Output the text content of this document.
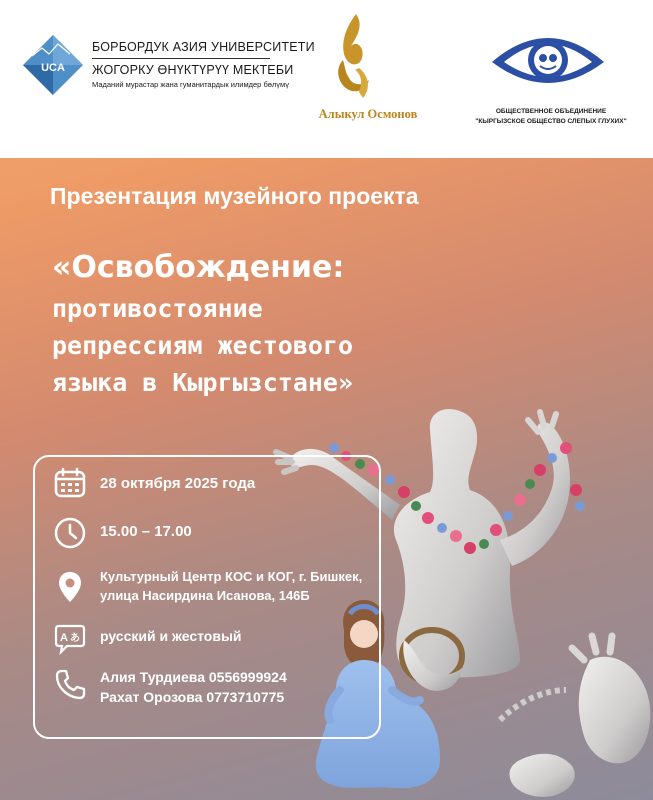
UCA
БОРБОРДУК АЗИЯ УНИВЕРСИТЕТИ
ЖОГОРКУ ӨНҮКТҮРҮҮ МЕКТЕБИ
Маданий мурастар жана гуманитардык илимдер бөлүмү
Алыкул Осмонов	ОБЩЕСТВЕННОЕ ОБЪЕДИНЕНИЕ
"КЫРГЫЗСКОЕ ОБЩЕСТВО СЛЕПЫХ ГЛУХИХ"
Презентация музейного проекта
«Освобождение:
противостояние
репрессиям жестового
языка в Кыргызстане»
28 октября 2025 года
15.00 – 17.00
Культурный Центр КОС и КОГ, г. Бишкек,
улица Насирдина Исанова, 146Б
A あ русский и жестовый
Алия Турдиева 0556999924
Рахат Орозова 0773710775
